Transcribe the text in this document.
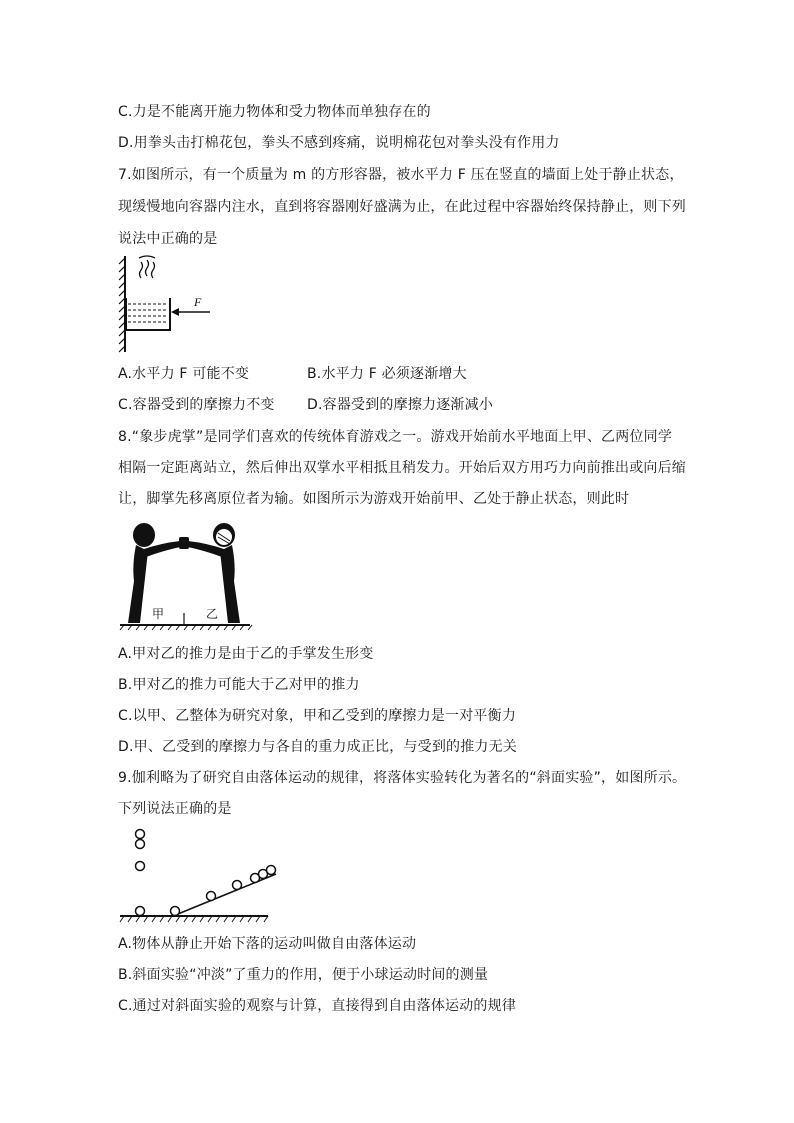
C.力是不能离开施力物体和受力物体而单独存在的
D.用拳头击打棉花包，拳头不感到疼痛，说明棉花包对拳头没有作用力
7.如图所示，有一个质量为 m 的方形容器，被水平力 F 压在竖直的墙面上处于静止状态，
现缓慢地向容器内注水，直到将容器刚好盛满为止，在此过程中容器始终保持静止，则下列
说法中正确的是
F
A.水平力 F 可能不变	B.水平力 F 必须逐渐增大
C.容器受到的摩擦力不变 D.容器受到的摩擦力逐渐减小
8.“象步虎掌”是同学们喜欢的传统体育游戏之一。游戏开始前水平地面上甲、乙两位同学
相隔一定距离站立，然后伸出双掌水平相抵且稍发力。开始后双方用巧力向前推出或向后缩
让，脚掌先移离原位者为输。如图所示为游戏开始前甲、乙处于静止状态，则此时
甲	乙
A.甲对乙的推力是由于乙的手掌发生形变
B.甲对乙的推力可能大于乙对甲的推力
C.以甲、乙整体为研究对象，甲和乙受到的摩擦力是一对平衡力
D.甲、乙受到的摩擦力与各自的重力成正比，与受到的推力无关
9.伽利略为了研究自由落体运动的规律，将落体实验转化为著名的“斜面实验”，如图所示。
下列说法正确的是
A.物体从静止开始下落的运动叫做自由落体运动
B.斜面实验“冲淡”了重力的作用，便于小球运动时间的测量
C.通过对斜面实验的观察与计算，直接得到自由落体运动的规律
